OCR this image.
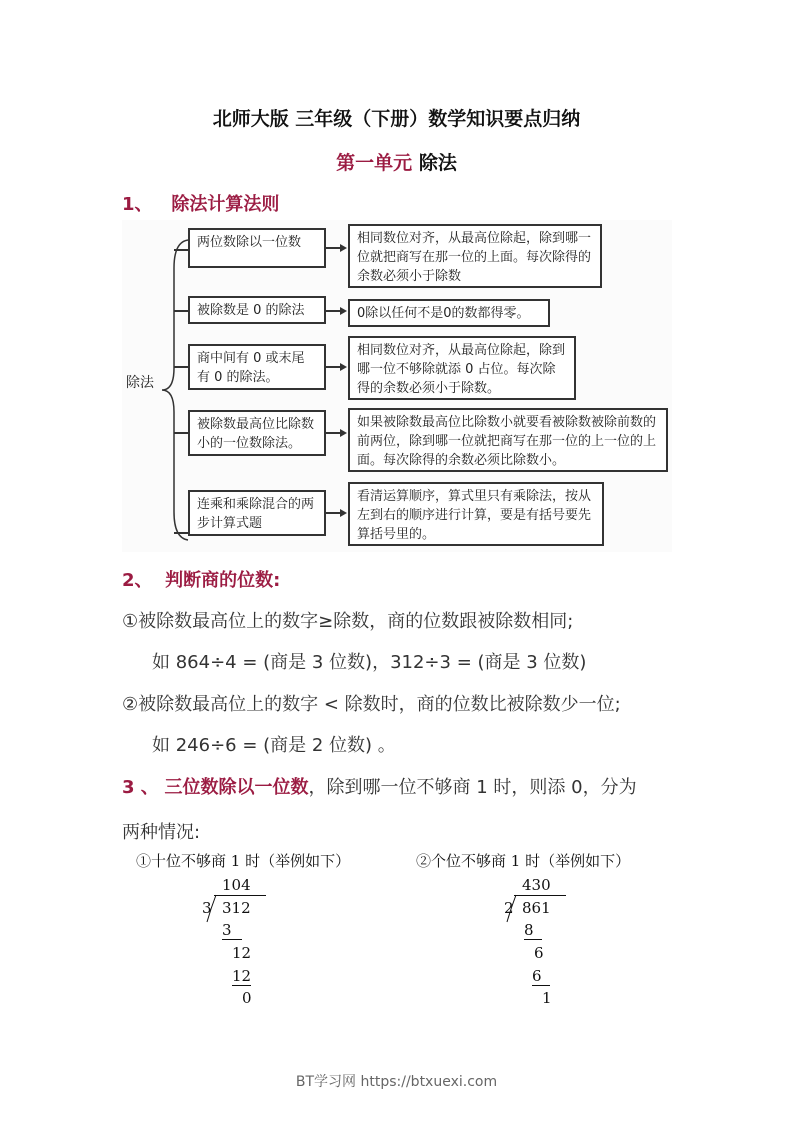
北师大版 三年级（下册）数学知识要点归纳
第一单元 除法
1、 除法计算法则
除法
两位数除以一位数	相同数位对齐，从最高位除起，除到哪一位就把商写在那一位的上面。每次除得的余数必须小于除数
被除数是 0 的除法	0除以任何不是0的数都得零。
商中间有 0 或末尾有 0 的除法。
相同数位对齐，从最高位除起，除到哪一位不够除就添 0 占位。每次除得的余数必须小于除数。
被除数最高位比除数小的一位数除法。
如果被除数最高位比除数小就要看被除数被除前数的前两位，除到哪一位就把商写在那一位的上一位的上面。每次除得的余数必须比除数小。
连乘和乘除混合的两步计算式题
看清运算顺序，算式里只有乘除法，按从左到右的顺序进行计算，要是有括号要先算括号里的。
2、 判断商的位数:
①被除数最高位上的数字≥除数，商的位数跟被除数相同;
如 864÷4 = (商是 3 位数)，312÷3 = (商是 3 位数)
②被除数最高位上的数字 < 除数时，商的位数比被除数少一位;
如 246÷6 = (商是 2 位数) 。
3 、 三位数除以一位数，除到哪一位不够商 1 时，则添 0，分为
两种情况:
①十位不够商 1 时（举例如下）
104
3 312
3
12
12
0
②个位不够商 1 时（举例如下）
430
2 861
8
6
6
1
BT学习网 https://btxuexi.com
